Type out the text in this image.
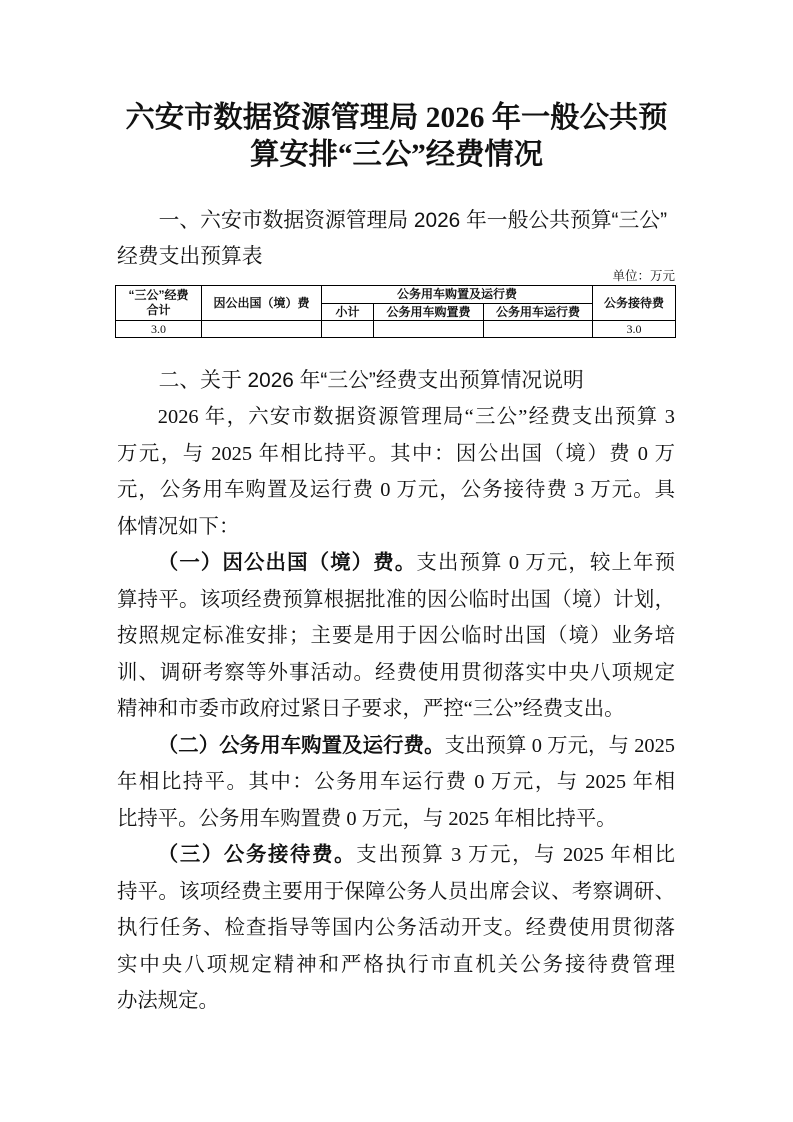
六安市数据资源管理局 2026 年一般公共预
算安排“三公”经费情况
一、六安市数据资源管理局 2026 年一般公共预算“三公”
经费支出预算表
单位：万元
“三公”经费
合计	因公出国（境）费	公务用车购置及运行费			公务接待费
		小计	公务用车购置费	公务用车运行费	
3.0					3.0
二、关于 2026 年“三公”经费支出预算情况说明
2026 年，六安市数据资源管理局“三公”经费支出预算 3
万元，与 2025 年相比持平。其中：因公出国（境）费 0 万
元，公务用车购置及运行费 0 万元，公务接待费 3 万元。具
体情况如下：
（一）因公出国（境）费。支出预算 0 万元，较上年预
算持平。该项经费预算根据批准的因公临时出国（境）计划，
按照规定标准安排；主要是用于因公临时出国（境）业务培
训、调研考察等外事活动。经费使用贯彻落实中央八项规定
精神和市委市政府过紧日子要求，严控“三公”经费支出。
（二）公务用车购置及运行费。支出预算 0 万元，与 2025
年相比持平。其中：公务用车运行费 0 万元，与 2025 年相
比持平。公务用车购置费 0 万元，与 2025 年相比持平。
（三）公务接待费。支出预算 3 万元，与 2025 年相比
持平。该项经费主要用于保障公务人员出席会议、考察调研、
执行任务、检查指导等国内公务活动开支。经费使用贯彻落
实中央八项规定精神和严格执行市直机关公务接待费管理
办法规定。
